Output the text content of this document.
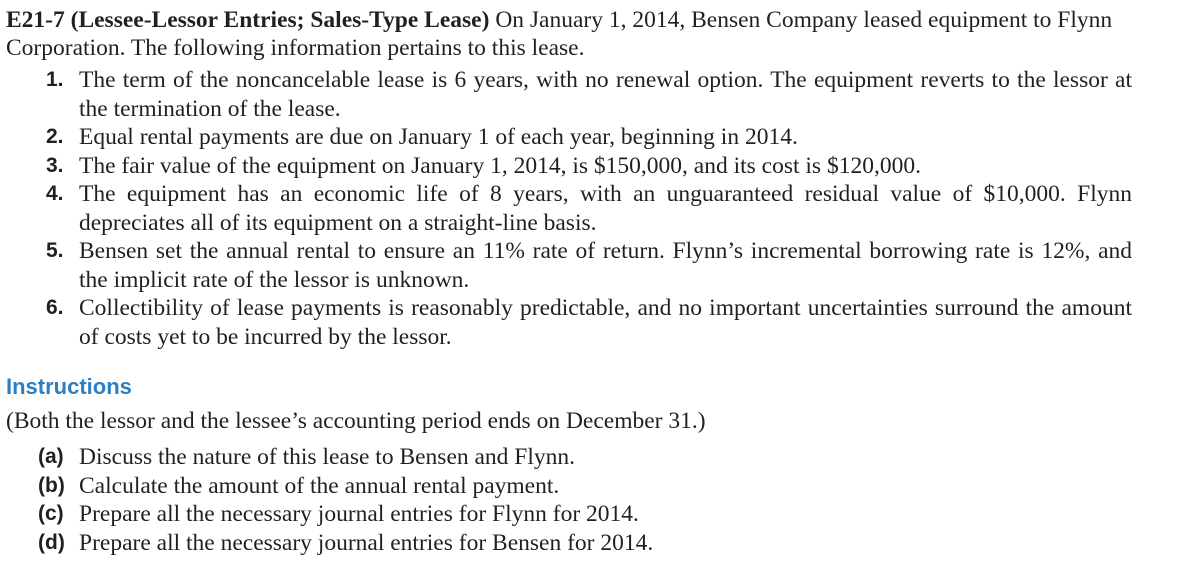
E21-7 (Lessee-Lessor Entries; Sales-Type Lease) On January 1, 2014, Bensen Company leased equipment to Flynn Corporation. The following information pertains to this lease.

1. The term of the noncancelable lease is 6 years, with no renewal option. The equipment reverts to the lessor at the termination of the lease.
2. Equal rental payments are due on January 1 of each year, beginning in 2014.
3. The fair value of the equipment on January 1, 2014, is $150,000, and its cost is $120,000.
4. The equipment has an economic life of 8 years, with an unguaranteed residual value of $10,000. Flynn depreciates all of its equipment on a straight-line basis.
5. Bensen set the annual rental to ensure an 11% rate of return. Flynn’s incremental borrowing rate is 12%, and the implicit rate of the lessor is unknown.
6. Collectibility of lease payments is reasonably predictable, and no important uncertainties surround the amount of costs yet to be incurred by the lessor.
Instructions

(Both the lessor and the lessee’s accounting period ends on December 31.)

(a) Discuss the nature of this lease to Bensen and Flynn.
(b) Calculate the amount of the annual rental payment.
(c) Prepare all the necessary journal entries for Flynn for 2014.
(d) Prepare all the necessary journal entries for Bensen for 2014.
